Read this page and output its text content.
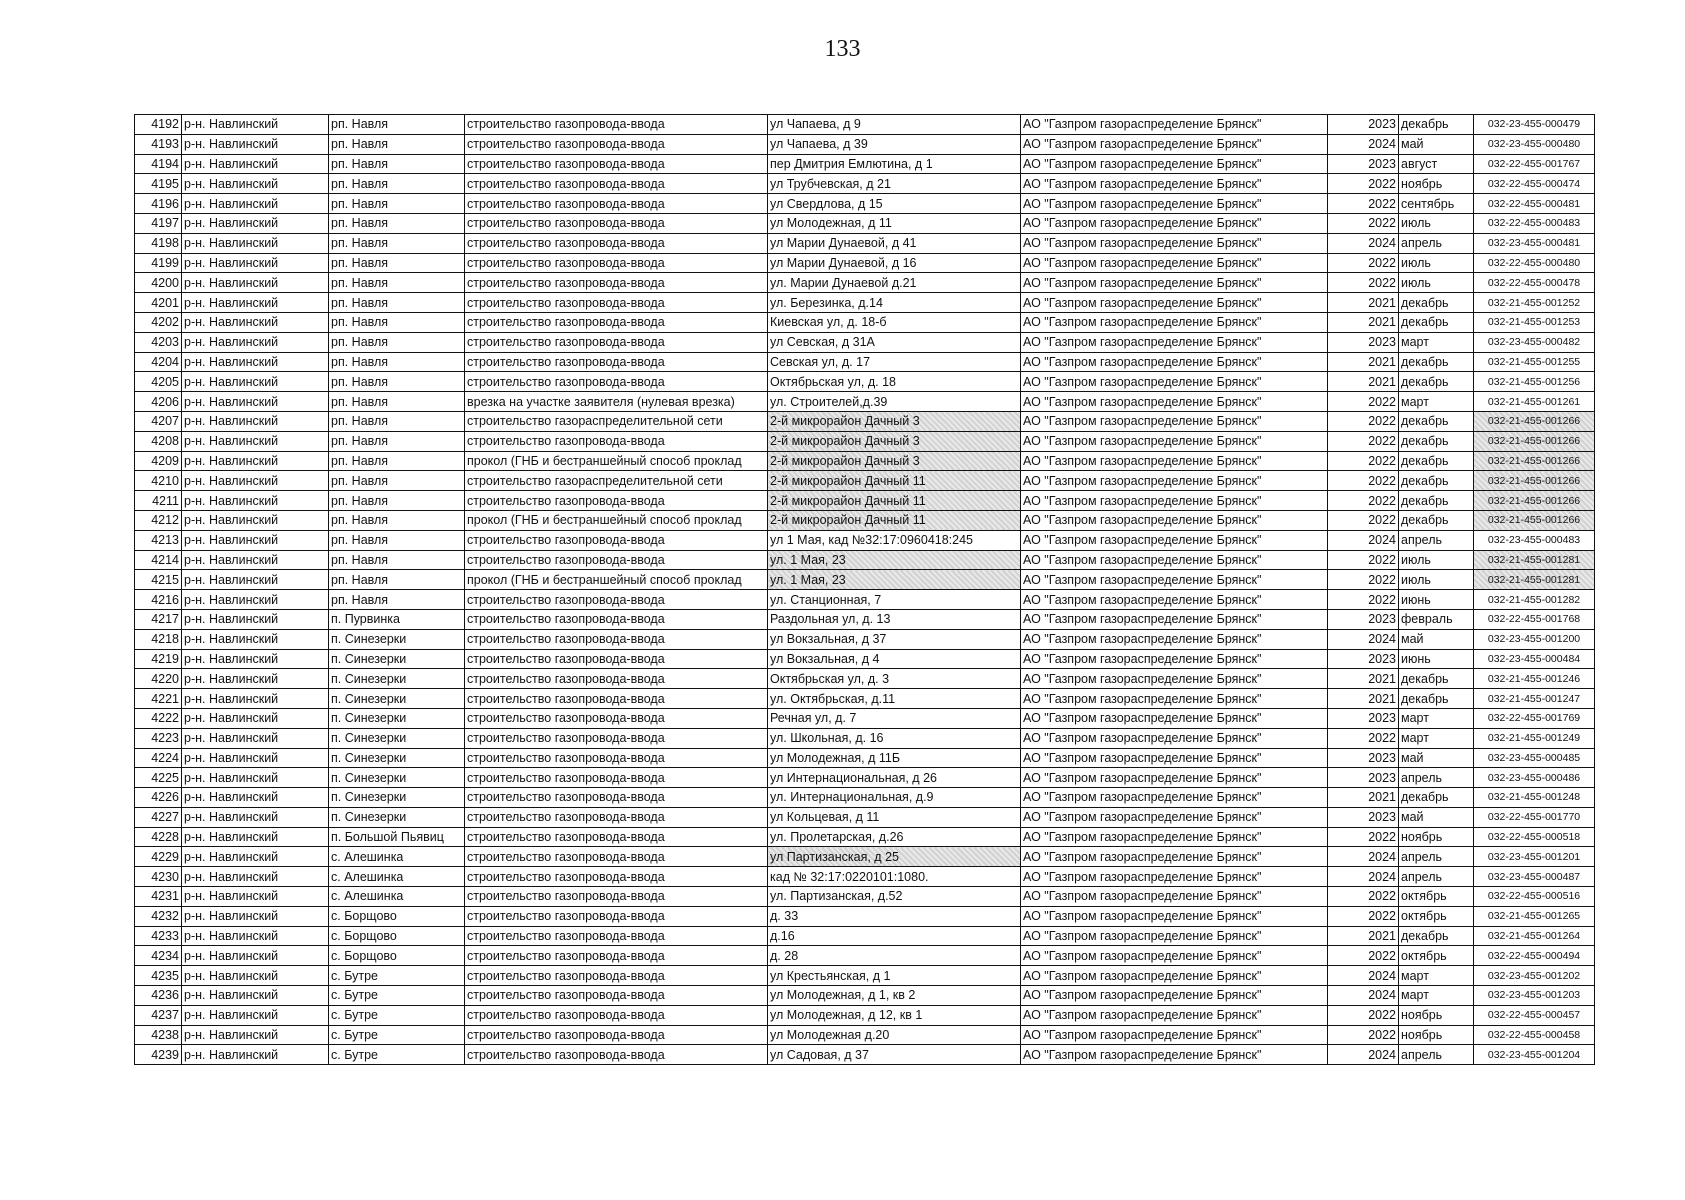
133
4192	р-н. Навлинский	рп. Навля	строительство газопровода-ввода	ул Чапаева, д 9	АО "Газпром газораспределение Брянск"	2023	декабрь	032-23-455-000479
4193	р-н. Навлинский	рп. Навля	строительство газопровода-ввода	ул Чапаева, д 39	АО "Газпром газораспределение Брянск"	2024	май	032-23-455-000480
4194	р-н. Навлинский	рп. Навля	строительство газопровода-ввода	пер Дмитрия Емлютина, д 1	АО "Газпром газораспределение Брянск"	2023	август	032-22-455-001767
4195	р-н. Навлинский	рп. Навля	строительство газопровода-ввода	ул Трубчевская, д 21	АО "Газпром газораспределение Брянск"	2022	ноябрь	032-22-455-000474
4196	р-н. Навлинский	рп. Навля	строительство газопровода-ввода	ул Свердлова, д 15	АО "Газпром газораспределение Брянск"	2022	сентябрь	032-22-455-000481
4197	р-н. Навлинский	рп. Навля	строительство газопровода-ввода	ул Молодежная, д 11	АО "Газпром газораспределение Брянск"	2022	июль	032-22-455-000483
4198	р-н. Навлинский	рп. Навля	строительство газопровода-ввода	ул Марии Дунаевой, д 41	АО "Газпром газораспределение Брянск"	2024	апрель	032-23-455-000481
4199	р-н. Навлинский	рп. Навля	строительство газопровода-ввода	ул Марии Дунаевой, д 16	АО "Газпром газораспределение Брянск"	2022	июль	032-22-455-000480
4200	р-н. Навлинский	рп. Навля	строительство газопровода-ввода	ул. Марии Дунаевой д.21	АО "Газпром газораспределение Брянск"	2022	июль	032-22-455-000478
4201	р-н. Навлинский	рп. Навля	строительство газопровода-ввода	ул. Березинка, д.14	АО "Газпром газораспределение Брянск"	2021	декабрь	032-21-455-001252
4202	р-н. Навлинский	рп. Навля	строительство газопровода-ввода	Киевская ул, д. 18-б	АО "Газпром газораспределение Брянск"	2021	декабрь	032-21-455-001253
4203	р-н. Навлинский	рп. Навля	строительство газопровода-ввода	ул Севская, д 31А	АО "Газпром газораспределение Брянск"	2023	март	032-23-455-000482
4204	р-н. Навлинский	рп. Навля	строительство газопровода-ввода	Севская ул, д. 17	АО "Газпром газораспределение Брянск"	2021	декабрь	032-21-455-001255
4205	р-н. Навлинский	рп. Навля	строительство газопровода-ввода	Октябрьская ул, д. 18	АО "Газпром газораспределение Брянск"	2021	декабрь	032-21-455-001256
4206	р-н. Навлинский	рп. Навля	врезка на участке заявителя (нулевая врезка)	ул. Строителей,д.39	АО "Газпром газораспределение Брянск"	2022	март	032-21-455-001261
4207	р-н. Навлинский	рп. Навля	строительство газораспределительной сети	2-й микрорайон Дачный 3	АО "Газпром газораспределение Брянск"	2022	декабрь	032-21-455-001266
4208	р-н. Навлинский	рп. Навля	строительство газопровода-ввода	2-й микрорайон Дачный 3	АО "Газпром газораспределение Брянск"	2022	декабрь	032-21-455-001266
4209	р-н. Навлинский	рп. Навля	прокол (ГНБ и бестраншейный способ проклад	2-й микрорайон Дачный 3	АО "Газпром газораспределение Брянск"	2022	декабрь	032-21-455-001266
4210	р-н. Навлинский	рп. Навля	строительство газораспределительной сети	2-й микрорайон Дачный 11	АО "Газпром газораспределение Брянск"	2022	декабрь	032-21-455-001266
4211	р-н. Навлинский	рп. Навля	строительство газопровода-ввода	2-й микрорайон Дачный 11	АО "Газпром газораспределение Брянск"	2022	декабрь	032-21-455-001266
4212	р-н. Навлинский	рп. Навля	прокол (ГНБ и бестраншейный способ проклад	2-й микрорайон Дачный 11	АО "Газпром газораспределение Брянск"	2022	декабрь	032-21-455-001266
4213	р-н. Навлинский	рп. Навля	строительство газопровода-ввода	ул 1 Мая, кад №32:17:0960418:245	АО "Газпром газораспределение Брянск"	2024	апрель	032-23-455-000483
4214	р-н. Навлинский	рп. Навля	строительство газопровода-ввода	ул. 1 Мая, 23	АО "Газпром газораспределение Брянск"	2022	июль	032-21-455-001281
4215	р-н. Навлинский	рп. Навля	прокол (ГНБ и бестраншейный способ проклад	ул. 1 Мая, 23	АО "Газпром газораспределение Брянск"	2022	июль	032-21-455-001281
4216	р-н. Навлинский	рп. Навля	строительство газопровода-ввода	ул. Станционная, 7	АО "Газпром газораспределение Брянск"	2022	июнь	032-21-455-001282
4217	р-н. Навлинский	п. Пурвинка	строительство газопровода-ввода	Раздольная ул, д. 13	АО "Газпром газораспределение Брянск"	2023	февраль	032-22-455-001768
4218	р-н. Навлинский	п. Синезерки	строительство газопровода-ввода	ул Вокзальная, д 37	АО "Газпром газораспределение Брянск"	2024	май	032-23-455-001200
4219	р-н. Навлинский	п. Синезерки	строительство газопровода-ввода	ул Вокзальная, д 4	АО "Газпром газораспределение Брянск"	2023	июнь	032-23-455-000484
4220	р-н. Навлинский	п. Синезерки	строительство газопровода-ввода	Октябрьская ул, д. 3	АО "Газпром газораспределение Брянск"	2021	декабрь	032-21-455-001246
4221	р-н. Навлинский	п. Синезерки	строительство газопровода-ввода	ул. Октябрьская, д.11	АО "Газпром газораспределение Брянск"	2021	декабрь	032-21-455-001247
4222	р-н. Навлинский	п. Синезерки	строительство газопровода-ввода	Речная ул, д. 7	АО "Газпром газораспределение Брянск"	2023	март	032-22-455-001769
4223	р-н. Навлинский	п. Синезерки	строительство газопровода-ввода	ул. Школьная, д. 16	АО "Газпром газораспределение Брянск"	2022	март	032-21-455-001249
4224	р-н. Навлинский	п. Синезерки	строительство газопровода-ввода	ул Молодежная, д 11Б	АО "Газпром газораспределение Брянск"	2023	май	032-23-455-000485
4225	р-н. Навлинский	п. Синезерки	строительство газопровода-ввода	ул Интернациональная, д 26	АО "Газпром газораспределение Брянск"	2023	апрель	032-23-455-000486
4226	р-н. Навлинский	п. Синезерки	строительство газопровода-ввода	ул. Интернациональная, д.9	АО "Газпром газораспределение Брянск"	2021	декабрь	032-21-455-001248
4227	р-н. Навлинский	п. Синезерки	строительство газопровода-ввода	ул Кольцевая, д 11	АО "Газпром газораспределение Брянск"	2023	май	032-22-455-001770
4228	р-н. Навлинский	п. Большой Пьявиц	строительство газопровода-ввода	ул. Пролетарская, д.26	АО "Газпром газораспределение Брянск"	2022	ноябрь	032-22-455-000518
4229	р-н. Навлинский	с. Алешинка	строительство газопровода-ввода	ул Партизанская, д 25	АО "Газпром газораспределение Брянск"	2024	апрель	032-23-455-001201
4230	р-н. Навлинский	с. Алешинка	строительство газопровода-ввода	кад № 32:17:0220101:1080.	АО "Газпром газораспределение Брянск"	2024	апрель	032-23-455-000487
4231	р-н. Навлинский	с. Алешинка	строительство газопровода-ввода	ул. Партизанская, д.52	АО "Газпром газораспределение Брянск"	2022	октябрь	032-22-455-000516
4232	р-н. Навлинский	с. Борщово	строительство газопровода-ввода	д. 33	АО "Газпром газораспределение Брянск"	2022	октябрь	032-21-455-001265
4233	р-н. Навлинский	с. Борщово	строительство газопровода-ввода	д.16	АО "Газпром газораспределение Брянск"	2021	декабрь	032-21-455-001264
4234	р-н. Навлинский	с. Борщово	строительство газопровода-ввода	д. 28	АО "Газпром газораспределение Брянск"	2022	октябрь	032-22-455-000494
4235	р-н. Навлинский	с. Бутре	строительство газопровода-ввода	ул Крестьянская, д 1	АО "Газпром газораспределение Брянск"	2024	март	032-23-455-001202
4236	р-н. Навлинский	с. Бутре	строительство газопровода-ввода	ул Молодежная, д 1, кв 2	АО "Газпром газораспределение Брянск"	2024	март	032-23-455-001203
4237	р-н. Навлинский	с. Бутре	строительство газопровода-ввода	ул Молодежная, д 12, кв 1	АО "Газпром газораспределение Брянск"	2022	ноябрь	032-22-455-000457
4238	р-н. Навлинский	с. Бутре	строительство газопровода-ввода	ул Молодежная д.20	АО "Газпром газораспределение Брянск"	2022	ноябрь	032-22-455-000458
4239	р-н. Навлинский	с. Бутре	строительство газопровода-ввода	ул Садовая, д 37	АО "Газпром газораспределение Брянск"	2024	апрель	032-23-455-001204
